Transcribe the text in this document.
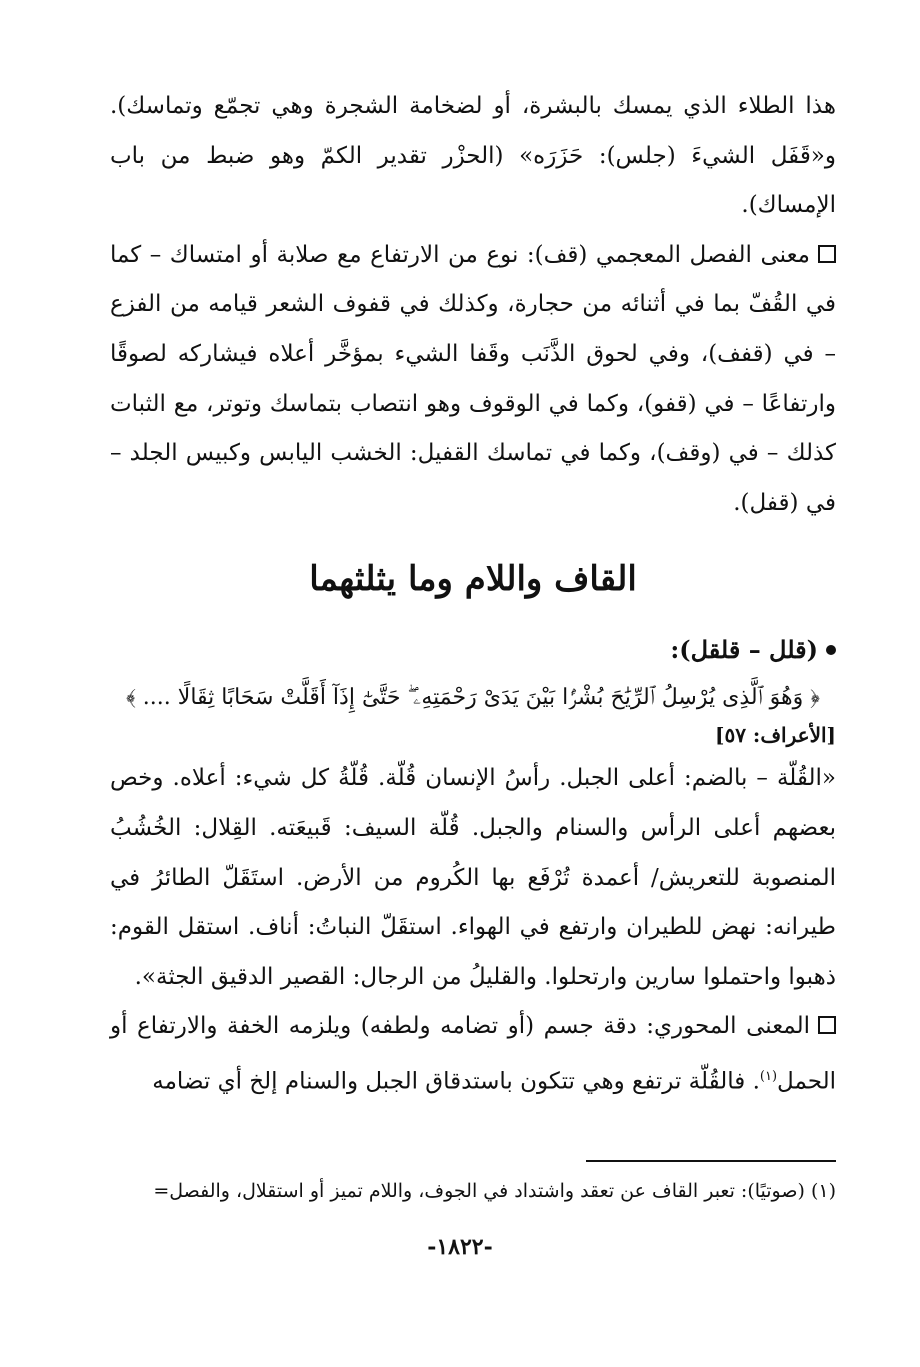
هذا الطلاء الذي يمسك بالبشرة، أو لضخامة الشجرة وهي تجمّع وتماسك). و«قَفَل الشيءَ (جلس): حَزَرَه» (الحزْر تقدير الكمّ وهو ضبط من باب الإمساك).

معنى الفصل المعجمي (قف): نوع من الارتفاع مع صلابة أو امتساك – كما في القُفّ بما في أثنائه من حجارة، وكذلك في قفوف الشعر قيامه من الفزع – في (قفف)، وفي لحوق الذَّنَب وقَفا الشيء بمؤخَّر أعلاه فيشاركه لصوقًا وارتفاعًا – في (قفو)، وكما في الوقوف وهو انتصاب بتماسك وتوتر، مع الثبات كذلك – في (وقف)، وكما في تماسك القفيل: الخشب اليابس وكبيس الجلد – في (قفل).

القاف واللام وما يثلثهما
(قلل – قلقل):

﴿ وَهُوَ ٱلَّذِى يُرْسِلُ ٱلرِّيَٰحَ بُشْرًۢا بَيْنَ يَدَىْ رَحْمَتِهِۦ ۖ حَتَّىٰٓ إِذَآ أَقَلَّتْ سَحَابًا ثِقَالًا .... ﴾

[الأعراف: ٥٧]

«القُلّة – بالضم: أعلى الجبل. رأسُ الإنسان قُلّة. قُلّةُ كل شيء: أعلاه. وخص بعضهم أعلى الرأس والسنام والجبل. قُلّة السيف: قَبيعَته. القِلال: الخُشُبُ المنصوبة للتعريش/ أعمدة تُرْفَع بها الكُروم من الأرض. استَقَلّ الطائرُ في طيرانه: نهض للطيران وارتفع في الهواء. استقَلّ النباتُ: أناف. استقل القوم: ذهبوا واحتملوا سارين وارتحلوا. والقليلُ من الرجال: القصير الدقيق الجثة».

المعنى المحوري: دقة جسم (أو تضامه ولطفه) ويلزمه الخفة والارتفاع أو الحمل$^{(١)}$. فالقُلّة ترتفع وهي تتكون باستدقاق الجبل والسنام إلخ أي تضامه

(١) (صوتيًا): تعبر القاف عن تعقد واشتداد في الجوف، واللام تميز أو استقلال، والفصل=
-١٨٢٢-
